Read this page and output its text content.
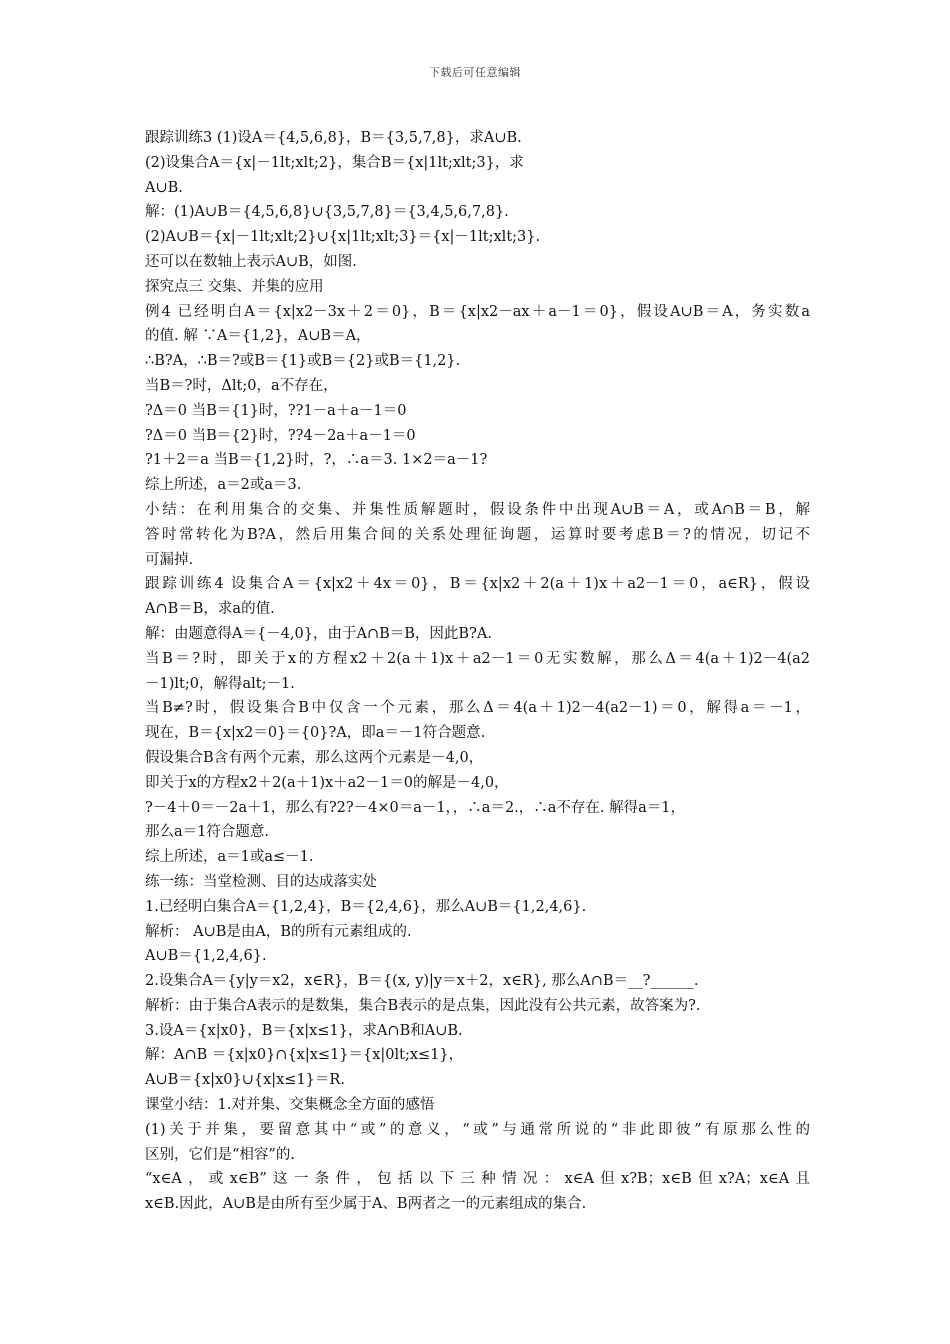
下载后可任意编辑
跟踪训练3 (1)设A＝{4,5,6,8}，B＝{3,5,7,8}，求A∪B.
(2)设集合A＝{x|－1lt;xlt;2}，集合B＝{x|1lt;xlt;3}，求
A∪B.
解：(1)A∪B＝{4,5,6,8}∪{3,5,7,8}＝{3,4,5,6,7,8}.
(2)A∪B＝{x|－1lt;xlt;2}∪{x|1lt;xlt;3}＝{x|－1lt;xlt;3}.
还可以在数轴上表示A∪B，如图.
探究点三 交集、并集的应用
例4 已经明白A＝{x|x2－3x＋2＝0}，B＝{x|x2－ax＋a－1＝0}，假设A∪B＝A，务实数a
的值. 解 ∵A＝{1,2}，A∪B＝A，
∴B?A，∴B＝?或B＝{1}或B＝{2}或B＝{1,2}.
当B＝?时，Δlt;0，a不存在，
?Δ＝0 当B＝{1}时，??1－a＋a－1＝0
?Δ＝0 当B＝{2}时，??4－2a＋a－1＝0
?1＋2＝a 当B＝{1,2}时，?，∴a＝3. 1×2＝a－1?
综上所述，a＝2或a＝3.
小结：在利用集合的交集、并集性质解题时，假设条件中出现A∪B＝A，或A∩B＝B，解
答时常转化为B?A，然后用集合间的关系处理征询题，运算时要考虑B＝?的情况，切记不
可漏掉.
跟踪训练4 设集合A＝{x|x2＋4x＝0}，B＝{x|x2＋2(a＋1)x＋a2－1＝0，a∈R}，假设
A∩B＝B，求a的值.
解：由题意得A＝{－4,0}，由于A∩B＝B，因此B?A.
当B＝?时，即关于x的方程x2＋2(a＋1)x＋a2－1＝0无实数解，那么Δ＝4(a＋1)2－4(a2
－1)lt;0，解得alt;－1.
当B≠?时，假设集合B中仅含一个元素，那么Δ＝4(a＋1)2－4(a2－1)＝0，解得a＝－1，
现在，B＝{x|x2＝0}＝{0}?A，即a＝－1符合题意.
假设集合B含有两个元素，那么这两个元素是－4,0，
即关于x的方程x2＋2(a＋1)x＋a2－1＝0的解是－4,0，
?－4＋0＝－2a＋1，那么有?2?－4×0＝a－1，，∴a＝2.，∴a不存在. 解得a＝1，
那么a＝1符合题意.
综上所述，a＝1或a≤－1.
练一练：当堂检测、目的达成落实处
1.已经明白集合A＝{1,2,4}，B＝{2,4,6}，那么A∪B＝{1,2,4,6}.
解析： A∪B是由A，B的所有元素组成的.
A∪B＝{1,2,4,6}.
2.设集合A＝{y|y＝x2，x∈R}，B＝{(x, y)|y＝x＋2，x∈R}, 那么A∩B＝__?______.
解析：由于集合A表示的是数集，集合B表示的是点集，因此没有公共元素，故答案为?.
3.设A＝{x|x0}，B＝{x|x≤1}，求A∩B和A∪B.
解：A∩B ＝{x|x0}∩{x|x≤1}＝{x|0lt;x≤1}，
A∪B＝{x|x0}∪{x|x≤1}＝R.
课堂小结：1.对并集、交集概念全方面的感悟
(1)关于并集，要留意其中“或”的意义，“或”与通常所说的“非此即彼”有原那么性的
区别，它们是“相容”的.
“x∈A，或x∈B”这一条件，包括以下三种情况：x∈A但x?B；x∈B但x?A；x∈A且
x∈B.因此，A∪B是由所有至少属于A、B两者之一的元素组成的集合.
